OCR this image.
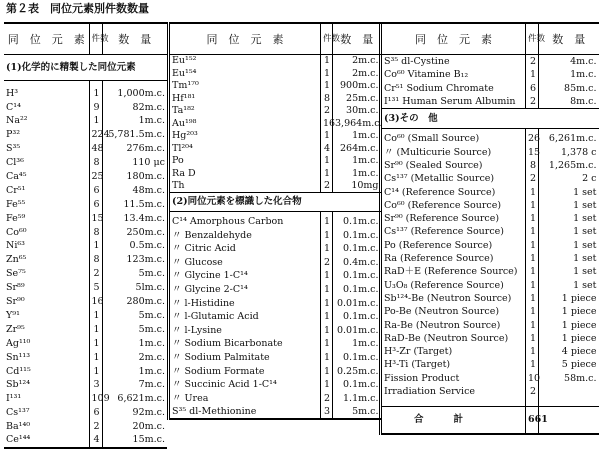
第２表　同位元素別件数数量
同　位　元　素	件数	数　量
(1)化学的に精製した同位元素		

H³	1	1,000m.c.
C¹⁴	9	82m.c.
Na²²	1	1m.c.
P³²	224	5,781.5m.c.
S³⁵	48	276m.c.
Cl³⁶	8	110 μc
Ca⁴⁵	25	180m.c.
Cr⁵¹	6	48m.c.
Fe⁵⁵	6	11.5m.c.
Fe⁵⁹	15	13.4m.c.
Co⁶⁰	8	250m.c.
Ni⁶³	1	0.5m.c.
Zn⁶⁵	8	123m.c.
Se⁷⁵	2	5m.c.
Sr⁸⁹	5	5lm.c.
Sr⁹⁰	16	280m.c.
Y⁹¹	1	5m.c.
Zr⁹⁵	1	5m.c.
Ag¹¹⁰	1	1m.c.
Sn¹¹³	1	2m.c.
Cd¹¹⁵	1	1m.c.
Sb¹²⁴	3	7m.c.
I¹³¹	109	6,621m.c.
Cs¹³⁷	6	92m.c.
Ba¹⁴⁰	2	20m.c.
Ce¹⁴⁴	4	15m.c.
同　位　元　素	件数	数　量
Eu¹⁵²	1	2m.c.
Eu¹⁵⁴	1	2m.c.
Tm¹⁷⁰	1	900m.c.
Hf¹⁸¹	8	25m.c.
Ta¹⁸²	2	30m.c.
Au¹⁹⁸	16	3,964m.c.
Hg²⁰³	1	1m.c.
Tl²⁰⁴	4	264m.c.
Po	1	1m.c.
Ra D	1	1m.c.
Th	2	10mg
(2)同位元素を標識した化合物		

C¹⁴ Amorphous Carbon	1	0.1m.c.
〃 Benzaldehyde	1	0.1m.c.
〃 Citric Acid	1	0.1m.c.
〃 Glucose	2	0.4m.c.
〃 Glycine 1-C¹⁴	1	0.1m.c.
〃 Glycine 2-C¹⁴	1	0.1m.c.
〃 l-Histidine	1	0.01m.c.
〃 l-Glutamic Acid	1	0.1m.c.
〃 l-Lysine	1	0.01m.c.
〃 Sodium Bicarbonate	1	1m.c.
〃 Sodium Palmitate	1	0.1m.c.
〃 Sodium Formate	1	0.25m.c.
〃 Succinic Acid 1-C¹⁴	1	0.1m.c.
〃 Urea	2	1.1m.c.
S³⁵ dl-Methionine	3	5m.c.
同　位　元　素	件数	数　量
S³⁵ dl-Cystine	2	4m.c.
Co⁶⁰ Vitamine B₁₂	1	1m.c.
Cr⁵¹ Sodium Chromate	6	85m.c.
I¹³¹ Human Serum Albumin	2	8m.c.
(3)その　他		

Co⁶⁰ (Small Source)	26	6,261m.c.
〃 (Multicurie Source)	15	1,378 c
Sr⁹⁰ (Sealed Source)	8	1,265m.c.
Cs¹³⁷ (Metallic Source)	2	2 c
C¹⁴ (Reference Source)	1	1 set
Co⁶⁰ (Reference Source)	1	1 set
Sr⁹⁰ (Reference Source)	1	1 set
Cs¹³⁷ (Reference Source)	1	1 set
Po (Reference Source)	1	1 set
Ra (Reference Source)	1	1 set
RaD＋E (Reference Source)	1	1 set
U₃O₈ (Reference Source)	1	1 set
Sb¹²⁴-Be (Neutron Source)	1	1 piece
Po-Be (Neutron Source)	1	1 piece
Ra-Be (Neutron Source)	1	1 piece
RaD-Be (Neutron Source)	1	1 piece
H³-Zr (Target)	1	4 piece
H³-Ti (Target)	1	5 piece
Fission Product	10	58m.c.
Irradiation Service	2	

合計	661	
